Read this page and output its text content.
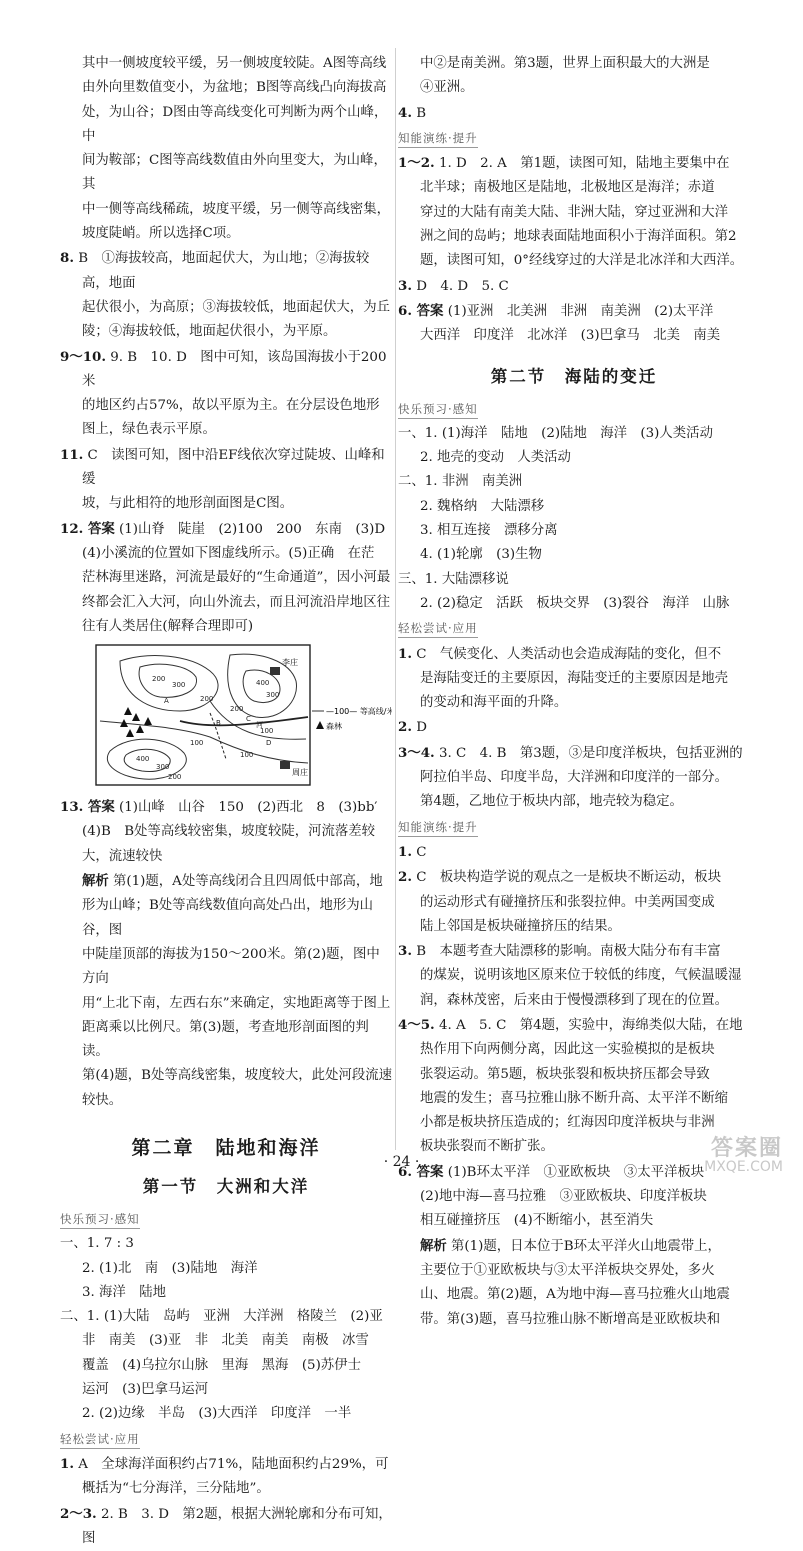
其中一侧坡度较平缓，另一侧坡度较陡。A图等高线
由外向里数值变小，为盆地；B图等高线凸向海拔高
处，为山谷；D图由等高线变化可判断为两个山峰，中
间为鞍部；C图等高线数值由外向里变大，为山峰，其
中一侧等高线稀疏，坡度平缓，另一侧等高线密集，
坡度陡峭。所以选择C项。
8. B　①海拔较高，地面起伏大，为山地；②海拔较高，地面
起伏很小，为高原；③海拔较低，地面起伏大，为丘
陵；④海拔较低，地面起伏很小，为平原。
9～10. 9. B　10. D　图中可知，该岛国海拔小于200米
的地区约占57%，故以平原为主。在分层设色地形
图上，绿色表示平原。
11. C　读图可知，图中沿EF线依次穿过陡坡、山峰和缓
坡，与此相符的地形剖面图是C图。
12. 答案 (1)山脊　陡崖　(2)100　200　东南　(3)D
(4)小溪流的位置如下图虚线所示。(5)正确　在茫
茫林海里迷路，河流是最好的“生命通道”，因小河最
终都会汇入大河，向山外流去，而且河流沿岸地区往
往有人类居住(解释合理即可)
李庄
周庄
—100— 等高线/米
森林
200
300	400
300
200
100
200
400
300
100
200
100
A
B	C
D
河
13. 答案 (1)山峰　山谷　150　(2)西北　8　(3)bb′
(4)B　B处等高线较密集，坡度较陡，河流落差较
大，流速较快
解析 第(1)题，A处等高线闭合且四周低中部高，地
形为山峰；B处等高线数值向高处凸出，地形为山谷，图
中陡崖顶部的海拔为150～200米。第(2)题，图中方向
用“上北下南，左西右东”来确定，实地距离等于图上
距离乘以比例尺。第(3)题，考查地形剖面图的判读。
第(4)题，B处等高线密集，坡度较大，此处河段流速
较快。
第二章　陆地和海洋
第一节　大洲和大洋
快乐预习·感知
一、1. 7 : 3
2. (1)北　南　(3)陆地　海洋
3. 海洋　陆地
二、1. (1)大陆　岛屿　亚洲　大洋洲　格陵兰　(2)亚
非　南美　(3)亚　非　北美　南美　南极　冰雪
覆盖　(4)乌拉尔山脉　里海　黑海　(5)苏伊士
运河　(3)巴拿马运河
2. (2)边缘　半岛　(3)大西洋　印度洋　一半
轻松尝试·应用
1. A　全球海洋面积约占71%，陆地面积约占29%，可
概括为“七分海洋，三分陆地”。
2～3. 2. B　3. D　第2题，根据大洲轮廓和分布可知，图
中②是南美洲。第3题，世界上面积最大的大洲是
④亚洲。
4. B
知能演练·提升
1～2. 1. D　2. A　第1题，读图可知，陆地主要集中在
北半球；南极地区是陆地，北极地区是海洋；赤道
穿过的大陆有南美大陆、非洲大陆，穿过亚洲和大洋
洲之间的岛屿；地球表面陆地面积小于海洋面积。第2
题，读图可知，0°经线穿过的大洋是北冰洋和大西洋。
3. D　4. D　5. C
6. 答案 (1)亚洲　北美洲　非洲　南美洲　(2)太平洋
大西洋　印度洋　北冰洋　(3)巴拿马　北美　南美
第二节　海陆的变迁
快乐预习·感知
一、1. (1)海洋　陆地　(2)陆地　海洋　(3)人类活动
2. 地壳的变动　人类活动
二、1. 非洲　南美洲
2. 魏格纳　大陆漂移
3. 相互连接　漂移分离
4. (1)轮廓　(3)生物
三、1. 大陆漂移说
2. (2)稳定　活跃　板块交界　(3)裂谷　海洋　山脉
轻松尝试·应用
1. C　气候变化、人类活动也会造成海陆的变化，但不
是海陆变迁的主要原因，海陆变迁的主要原因是地壳
的变动和海平面的升降。
2. D
3～4. 3. C　4. B　第3题，③是印度洋板块，包括亚洲的
阿拉伯半岛、印度半岛，大洋洲和印度洋的一部分。
第4题，乙地位于板块内部，地壳较为稳定。
知能演练·提升
1. C
2. C　板块构造学说的观点之一是板块不断运动，板块
的运动形式有碰撞挤压和张裂拉伸。中美两国变成
陆上邻国是板块碰撞挤压的结果。
3. B　本题考查大陆漂移的影响。南极大陆分布有丰富
的煤炭，说明该地区原来位于较低的纬度，气候温暖湿
润，森林茂密，后来由于慢慢漂移到了现在的位置。
4～5. 4. A　5. C　第4题，实验中，海绵类似大陆，在地
热作用下向两侧分离，因此这一实验模拟的是板块
张裂运动。第5题，板块张裂和板块挤压都会导致
地震的发生；喜马拉雅山脉不断升高、太平洋不断缩
小都是板块挤压造成的；红海因印度洋板块与非洲
板块张裂而不断扩张。
6. 答案 (1)B环太平洋　①亚欧板块　③太平洋板块
(2)地中海—喜马拉雅　③亚欧板块、印度洋板块
相互碰撞挤压　(4)不断缩小，甚至消失
解析 第(1)题，日本位于B环太平洋火山地震带上，
主要位于①亚欧板块与③太平洋板块交界处，多火
山、地震。第(2)题，A为地中海—喜马拉雅火山地震
带。第(3)题，喜马拉雅山脉不断增高是亚欧板块和
· 24 ·
答案圈
MXQE.COM
